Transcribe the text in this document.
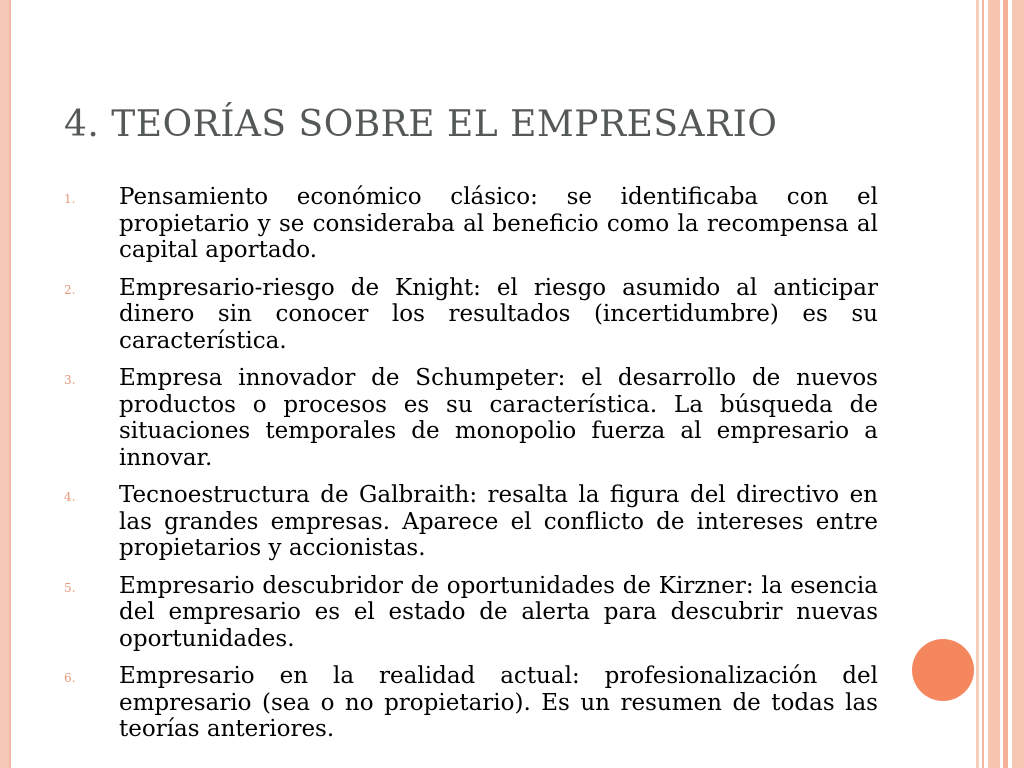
4. TEORÍAS SOBRE EL EMPRESARIO
1. Pensamiento económico clásico: se identificaba con el propietario y se consideraba al beneficio como la recompensa al capital aportado.
2. Empresario-riesgo de Knight: el riesgo asumido al anticipar dinero sin conocer los resultados (incertidumbre) es su característica.
3. Empresa innovador de Schumpeter: el desarrollo de nuevos productos o procesos es su característica. La búsqueda de situaciones temporales de monopolio fuerza al empresario a innovar.
4. Tecnoestructura de Galbraith: resalta la figura del directivo en las grandes empresas. Aparece el conflicto de intereses entre propietarios y accionistas.
5. Empresario descubridor de oportunidades de Kirzner: la esencia del empresario es el estado de alerta para descubrir nuevas oportunidades.
6. Empresario en la realidad actual: profesionalización del empresario (sea o no propietario). Es un resumen de todas las teorías anteriores.
